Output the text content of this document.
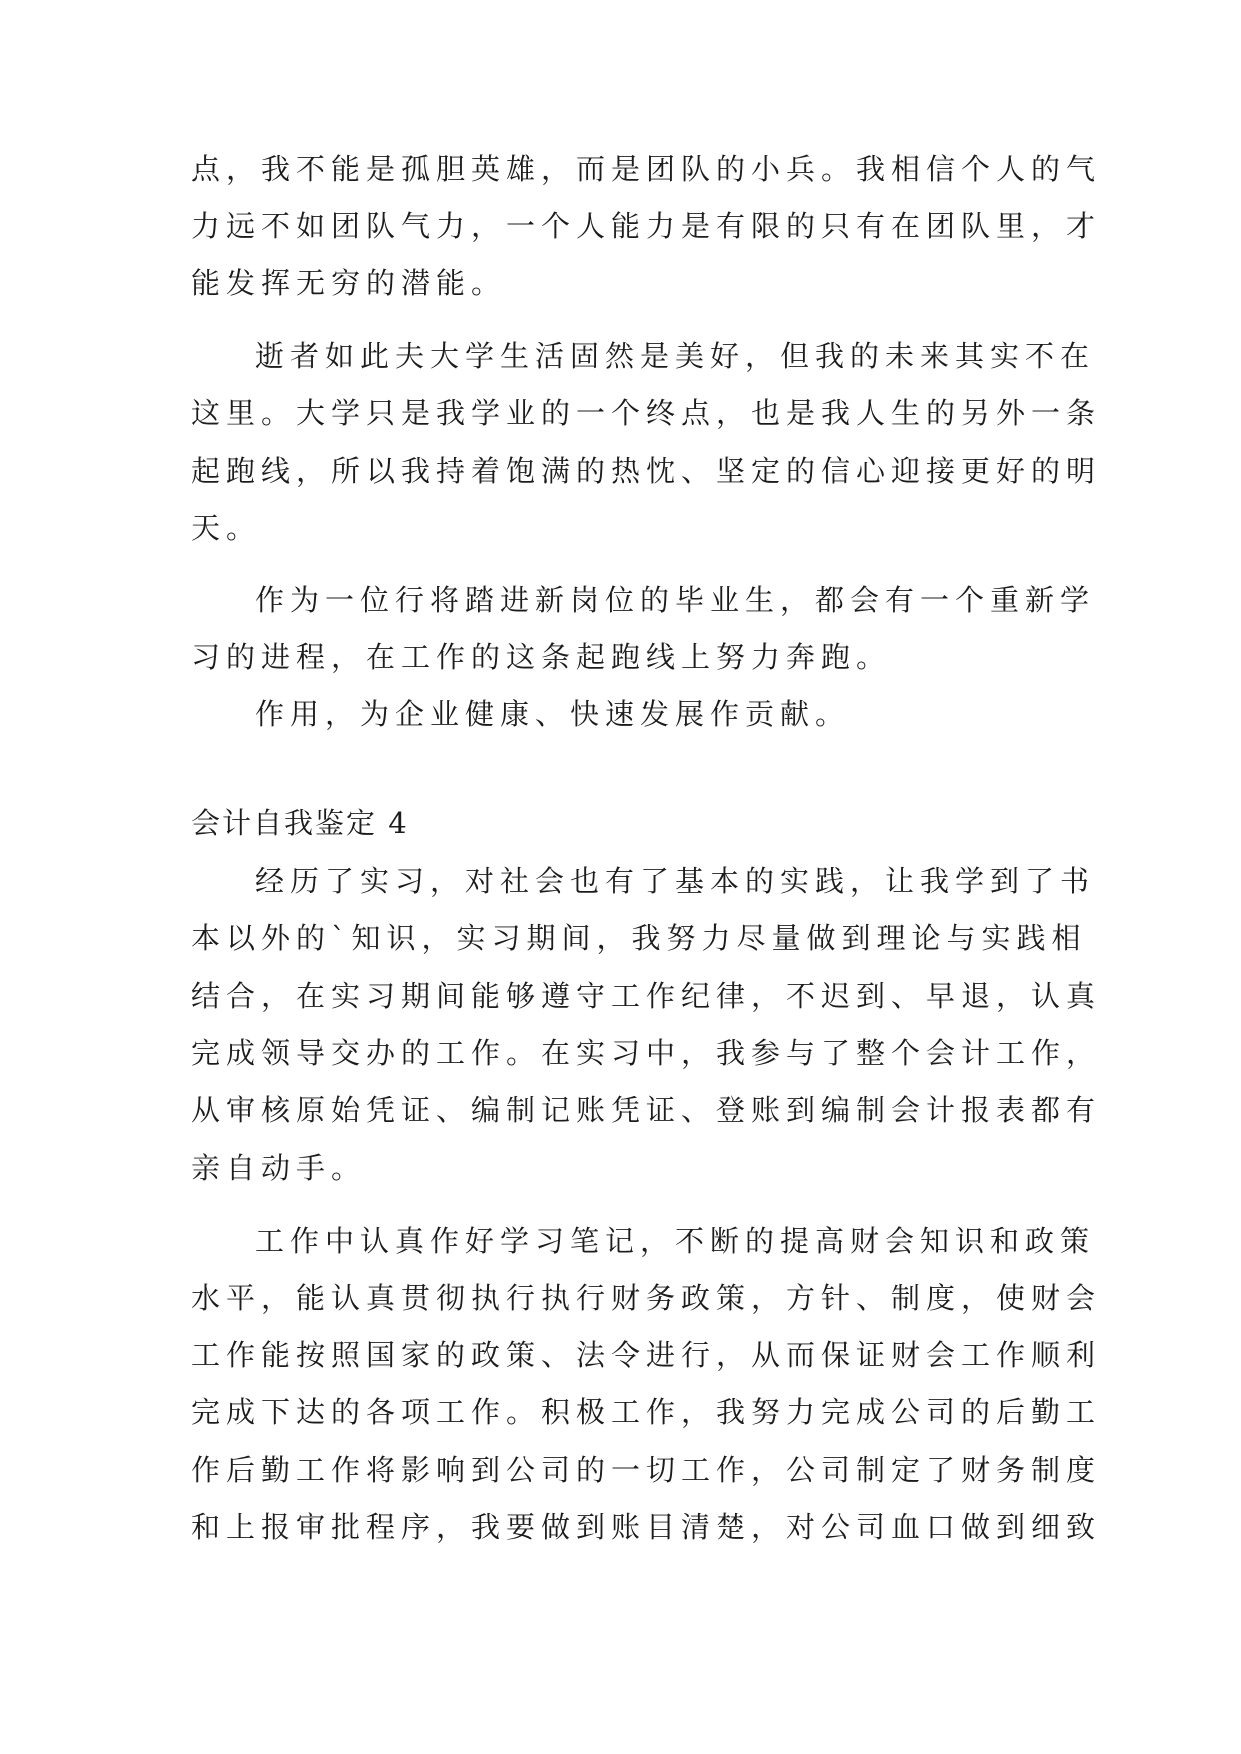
点，我不能是孤胆英雄，而是团队的小兵。我相信个人的气
力远不如团队气力，一个人能力是有限的只有在团队里，才
能发挥无穷的潜能。
逝者如此夫大学生活固然是美好，但我的未来其实不在
这里。大学只是我学业的一个终点，也是我人生的另外一条
起跑线，所以我持着饱满的热忱、坚定的信心迎接更好的明
天。
作为一位行将踏进新岗位的毕业生，都会有一个重新学
习的进程，在工作的这条起跑线上努力奔跑。
作用，为企业健康、快速发展作贡献。
会计自我鉴定 4
经历了实习，对社会也有了基本的实践，让我学到了书
本以外的`知识，实习期间，我努力尽量做到理论与实践相
结合，在实习期间能够遵守工作纪律，不迟到、早退，认真
完成领导交办的工作。在实习中，我参与了整个会计工作，
从审核原始凭证、编制记账凭证、登账到编制会计报表都有
亲自动手。
工作中认真作好学习笔记，不断的提高财会知识和政策
水平，能认真贯彻执行执行财务政策，方针、制度，使财会
工作能按照国家的政策、法令进行，从而保证财会工作顺利
完成下达的各项工作。积极工作，我努力完成公司的后勤工
作后勤工作将影响到公司的一切工作，公司制定了财务制度
和上报审批程序，我要做到账目清楚，对公司血口做到细致
